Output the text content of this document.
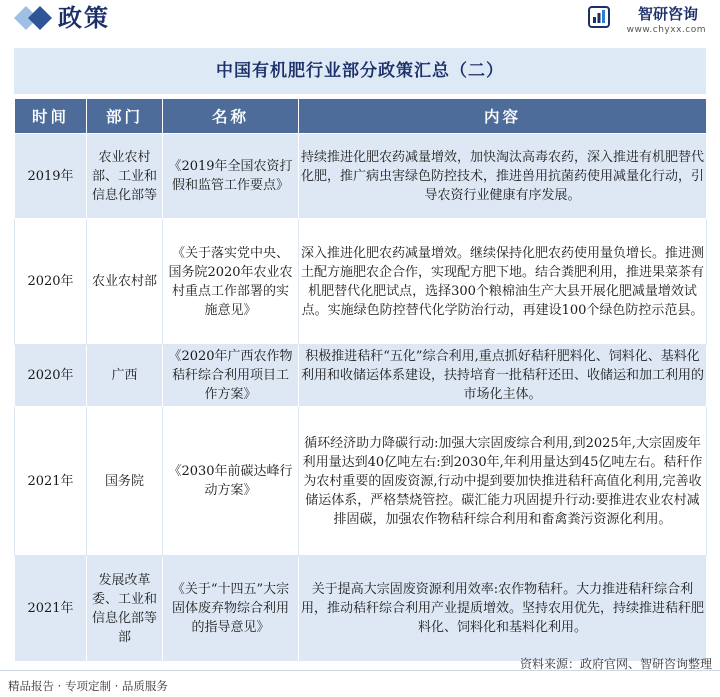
政策	智研咨询
www.chyxx.com
中国有机肥行业部分政策汇总（二）
时间	部门	名称	内容
2019年	农业农村部、工业和信息化部等	《2019年全国农资打假和监管工作要点》	持续推进化肥农药减量增效，加快淘汰高毒农药，深入推进有机肥替代化肥，推广病虫害绿色防控技术，推进兽用抗菌药使用减量化行动，引导农资行业健康有序发展。
2020年	农业农村部	《关于落实党中央、国务院2020年农业农村重点工作部署的实施意见》	深入推进化肥农药减量增效。继续保持化肥农药使用量负增长。推进测土配方施肥农企合作，实现配方肥下地。结合粪肥利用，推进果菜茶有机肥替代化肥试点，选择300个粮棉油生产大县开展化肥减量增效试点。实施绿色防控替代化学防治行动，再建设100个绿色防控示范县。
2020年	广西	《2020年广西农作物秸秆综合利用项目工作方案》	积极推进秸秆“五化”综合利用,重点抓好秸秆肥料化、饲料化、基料化利用和收储运体系建设，扶持培育一批秸秆还田、收储运和加工利用的市场化主体。
2021年	国务院	《2030年前碳达峰行动方案》	循环经济助力降碳行动:加强大宗固废综合利用,到2025年,大宗固废年利用量达到40亿吨左右:到2030年,年利用量达到45亿吨左右。秸秆作为农村重要的固废资源,行动中提到要加快推进秸秆高值化利用,完善收储运体系，严格禁烧管控。碳汇能力巩固提升行动:要推进农业农村减排固碳，加强农作物秸秆综合利用和畜禽粪污资源化利用。
2021年	发展改革委、工业和信息化部等部	《关于“十四五”大宗固体废弃物综合利用的指导意见》	关于提高大宗固废资源利用效率:农作物秸秆。大力推进秸秆综合利用，推动秸秆综合利用产业提质增效。坚持农用优先，持续推进秸秆肥料化、饲料化和基料化利用。
资料来源：政府官网、智研咨询整理
精品报告 · 专项定制 · 品质服务
